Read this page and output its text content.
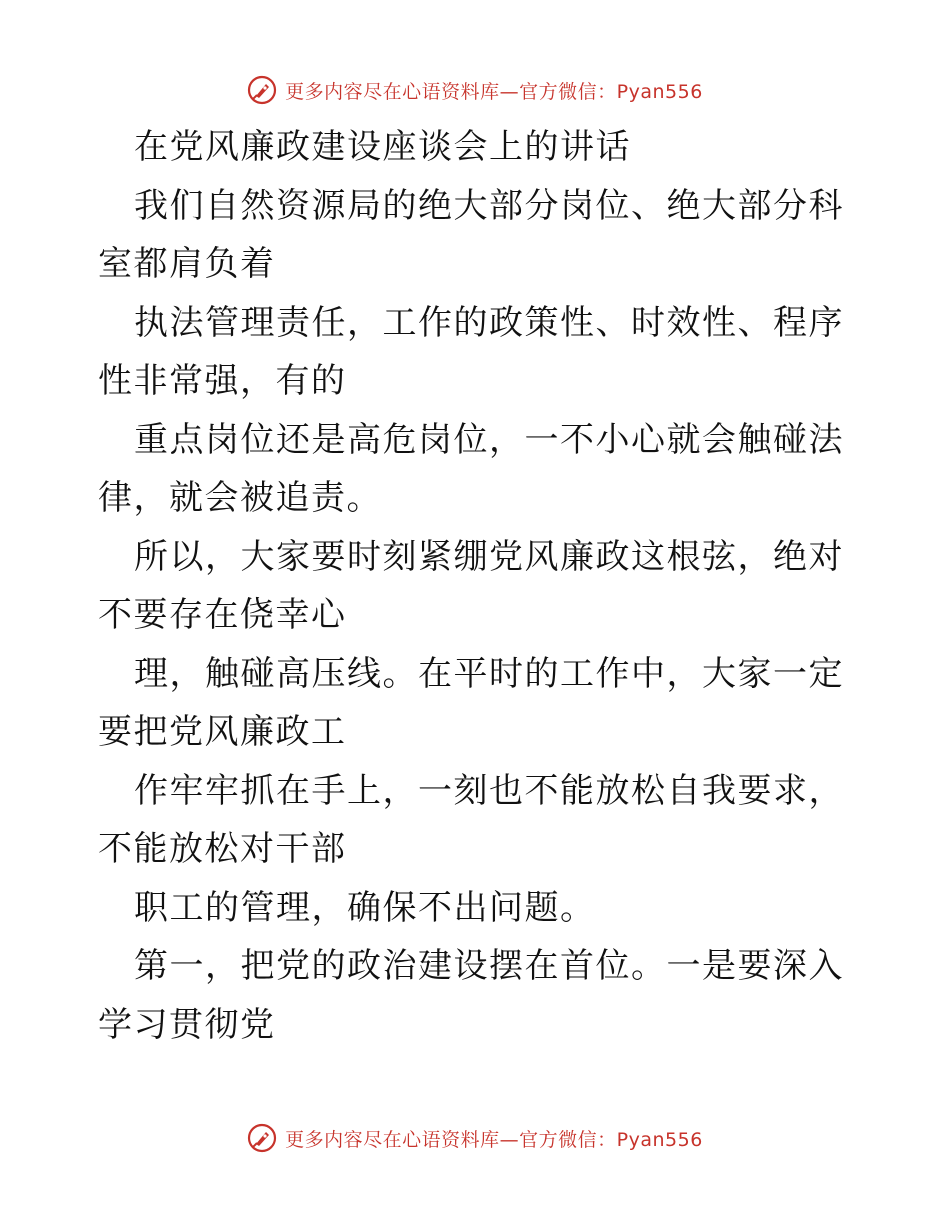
更多内容尽在心语资料库—官方微信：Pyan556

在党风廉政建设座谈会上的讲话

我们自然资源局的绝大部分岗位、绝大部分科室都肩负着

执法管理责任，工作的政策性、时效性、程序性非常强，有的

重点岗位还是高危岗位，一不小心就会触碰法律，就会被追责。

所以，大家要时刻紧绷党风廉政这根弦，绝对不要存在侥幸心

理，触碰高压线。在平时的工作中，大家一定要把党风廉政工

作牢牢抓在手上，一刻也不能放松自我要求，不能放松对干部

职工的管理，确保不出问题。

第一，把党的政治建设摆在首位。一是要深入学习贯彻党

更多内容尽在心语资料库—官方微信：Pyan556
